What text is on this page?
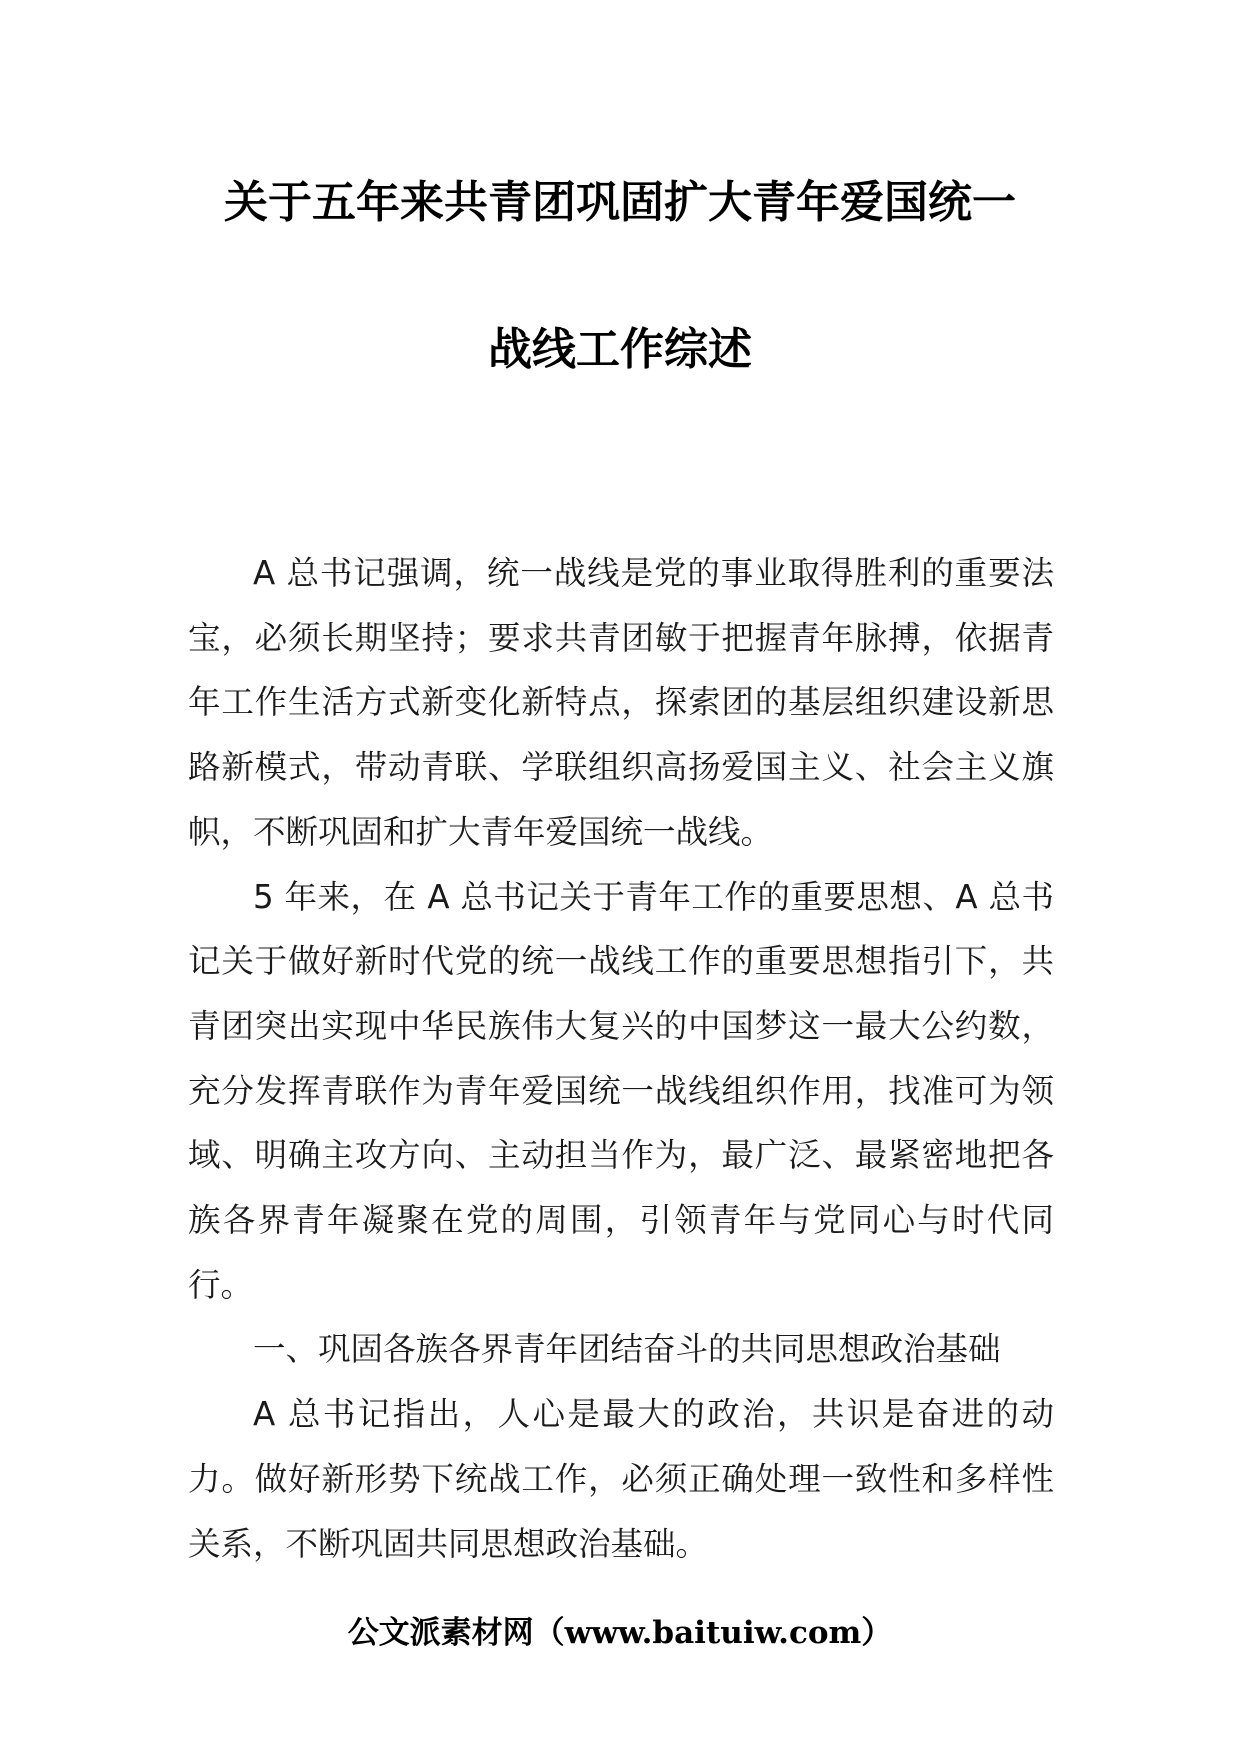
关于五年来共青团巩固扩大青年爱国统一
战线工作综述

A 总书记强调，统一战线是党的事业取得胜利的重要法宝，必须长期坚持；要求共青团敏于把握青年脉搏，依据青年工作生活方式新变化新特点，探索团的基层组织建设新思路新模式，带动青联、学联组织高扬爱国主义、社会主义旗帜，不断巩固和扩大青年爱国统一战线。

5 年来，在 A 总书记关于青年工作的重要思想、A 总书记关于做好新时代党的统一战线工作的重要思想指引下，共青团突出实现中华民族伟大复兴的中国梦这一最大公约数，充分发挥青联作为青年爱国统一战线组织作用，找准可为领域、明确主攻方向、主动担当作为，最广泛、最紧密地把各族各界青年凝聚在党的周围，引领青年与党同心与时代同行。

一、巩固各族各界青年团结奋斗的共同思想政治基础

A 总书记指出，人心是最大的政治，共识是奋进的动力。做好新形势下统战工作，必须正确处理一致性和多样性关系，不断巩固共同思想政治基础。

公文派素材网（www.baituiw.com）
